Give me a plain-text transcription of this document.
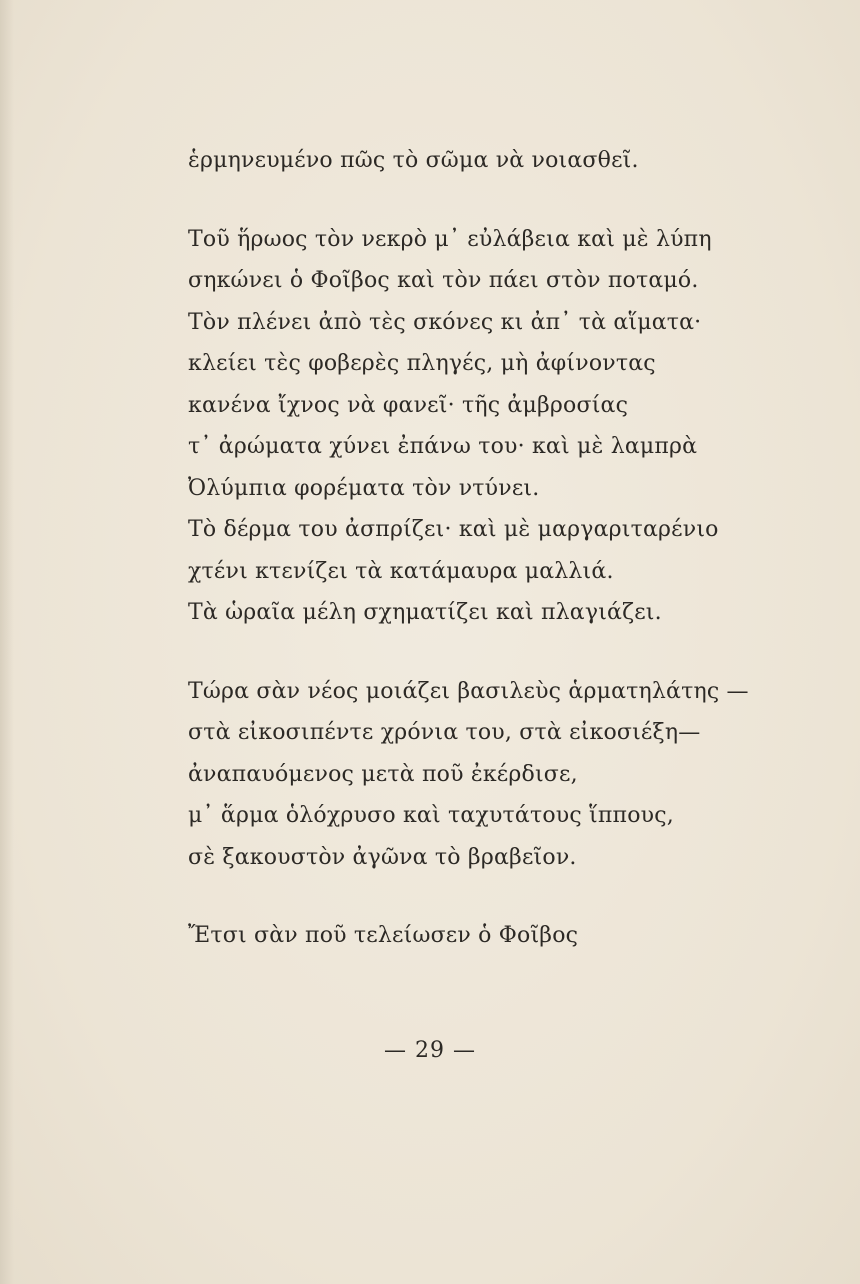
ἑρμηνευμένο πῶς τὸ σῶμα νὰ νοιασθεῖ.
Τοῦ ἥρωος τὸν νεκρὸ μ᾽ εὐλάβεια καὶ μὲ λύπη
σηκώνει ὁ Φοῖβος καὶ τὸν πάει στὸν ποταμό.
Τὸν πλένει ἀπὸ τὲς σκόνες κι ἀπ᾽ τὰ αἵματα·
κλείει τὲς φοβερὲς πληγές, μὴ ἀφίνοντας
κανένα ἴχνος νὰ φανεῖ· τῆς ἀμβροσίας
τ᾽ ἀρώματα χύνει ἐπάνω του· καὶ μὲ λαμπρὰ
Ὀλύμπια φορέματα τὸν ντύνει.
Τὸ δέρμα του ἀσπρίζει· καὶ μὲ μαργαριταρένιο
χτένι κτενίζει τὰ κατάμαυρα μαλλιά.
Τὰ ὡραῖα μέλη σχηματίζει καὶ πλαγιάζει.
Τώρα σὰν νέος μοιάζει βασιλεὺς ἁρματηλάτης —
στὰ εἰκοσιπέντε χρόνια του, στὰ εἰκοσιέξη—
ἀναπαυόμενος μετὰ ποῦ ἐκέρδισε,
μ᾽ ἅρμα ὁλόχρυσο καὶ ταχυτάτους ἵππους,
σὲ ξακουστὸν ἀγῶνα τὸ βραβεῖον.
Ἔτσι σὰν ποῦ τελείωσεν ὁ Φοῖβος
— 29 —
